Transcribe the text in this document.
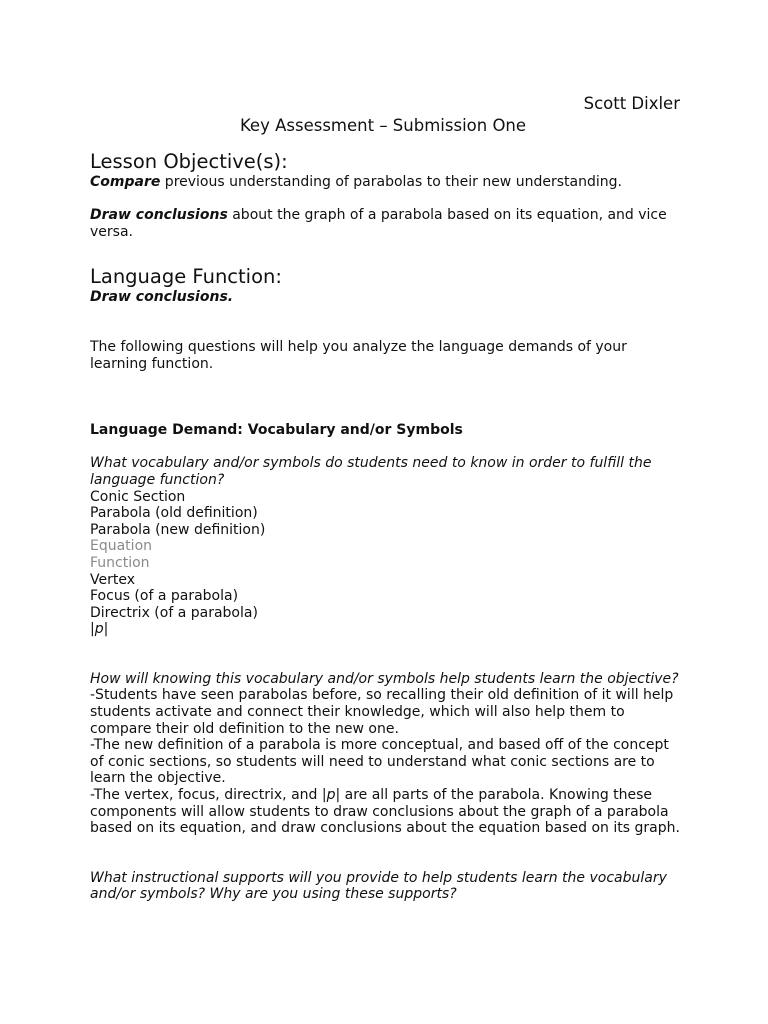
Scott Dixler
Key Assessment – Submission One
Lesson Objective(s):

Compare previous understanding of parabolas to their new understanding.

Draw conclusions about the graph of a parabola based on its equation, and vice versa.

Language Function:

Draw conclusions.

The following questions will help you analyze the language demands of your learning function.

Language Demand: Vocabulary and/or Symbols

What vocabulary and/or symbols do students need to know in order to fulfill the language function?

Conic Section
Parabola (old definition)
Parabola (new definition)
Equation
Function
Vertex
Focus (of a parabola)
Directrix (of a parabola)
|p|

How will knowing this vocabulary and/or symbols help students learn the objective?

-Students have seen parabolas before, so recalling their old definition of it will help students activate and connect their knowledge, which will also help them to compare their old definition to the new one.

-The new definition of a parabola is more conceptual, and based off of the concept of conic sections, so students will need to understand what conic sections are to learn the objective.

-The vertex, focus, directrix, and |p| are all parts of the parabola. Knowing these components will allow students to draw conclusions about the graph of a parabola based on its equation, and draw conclusions about the equation based on its graph.

What instructional supports will you provide to help students learn the vocabulary and/or symbols? Why are you using these supports?
